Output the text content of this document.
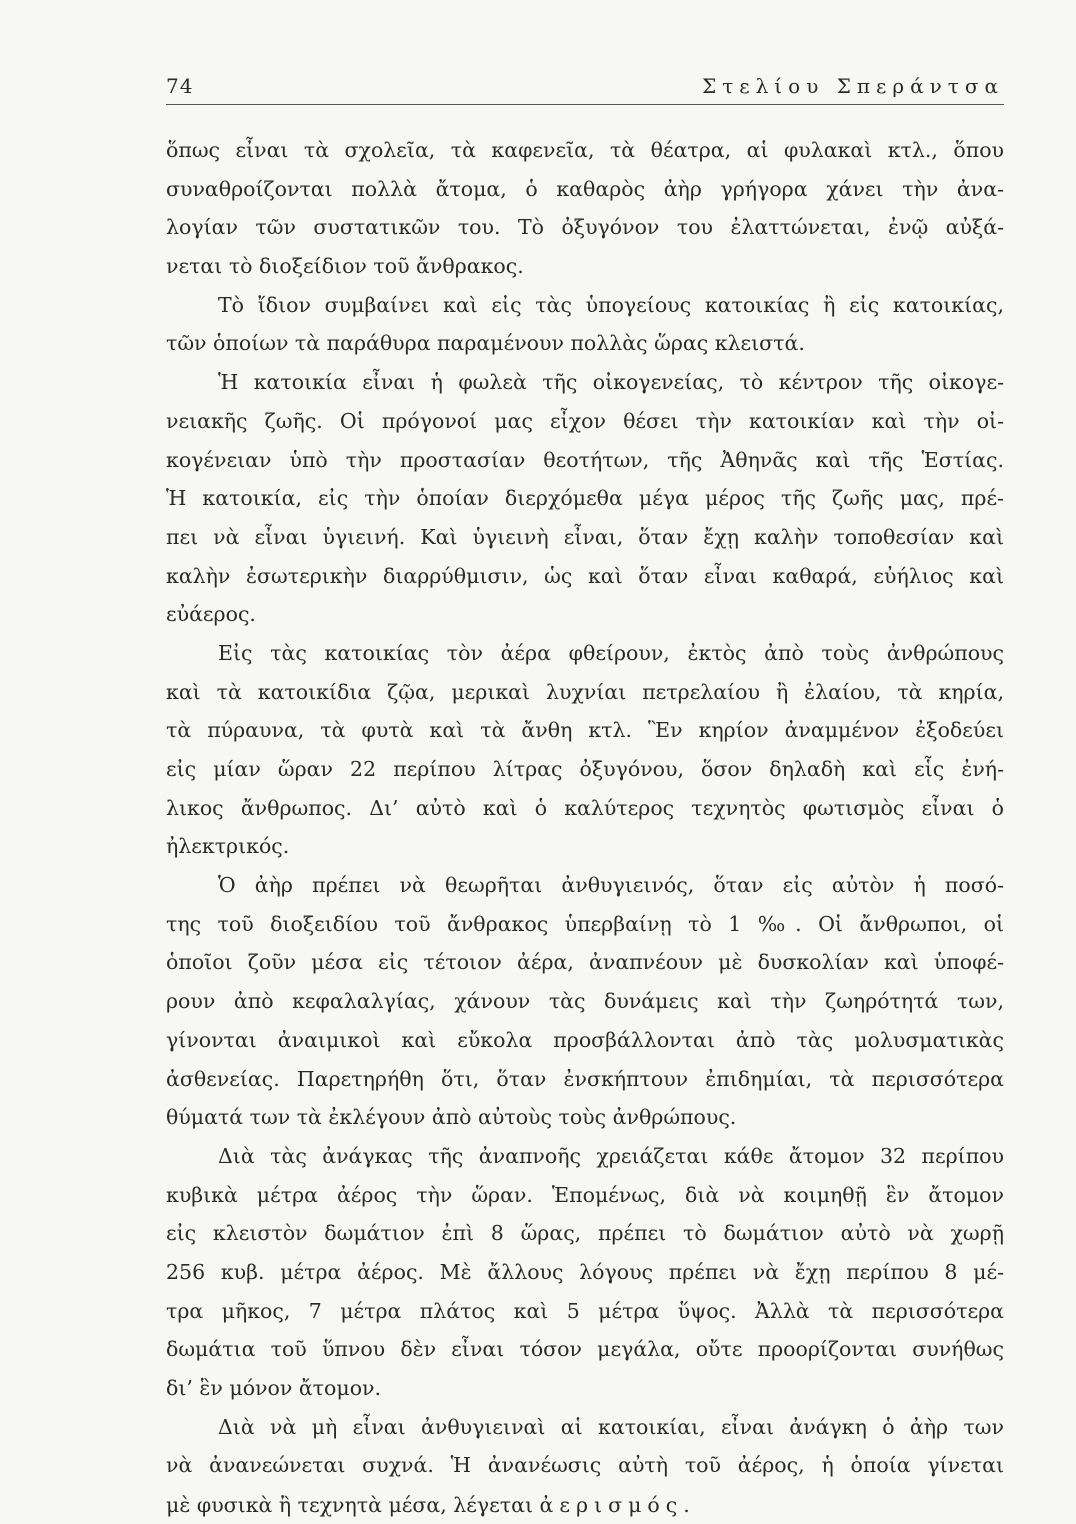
74	Στελίου Σπεράντσα
ὅπως εἶναι τὰ σχολεῖα, τὰ καφενεῖα, τὰ θέατρα, αἱ φυλακαὶ κτλ., ὅπου
συναθροίζονται πολλὰ ἄτομα, ὁ καθαρὸς ἀὴρ γρήγορα χάνει τὴν ἀνα-
λογίαν τῶν συστατικῶν του. Τὸ ὀξυγόνον του ἐλαττώνεται, ἐνῷ αὐξά-
νεται τὸ διοξείδιον τοῦ ἄνθρακος.
Τὸ ἴδιον συμβαίνει καὶ εἰς τὰς ὑπογείους κατοικίας ἢ εἰς κατοικίας,
τῶν ὁποίων τὰ παράθυρα παραμένουν πολλὰς ὥρας κλειστά.
Ἡ κατοικία εἶναι ἡ φωλεὰ τῆς οἰκογενείας, τὸ κέντρον τῆς οἰκογε-
νειακῆς ζωῆς. Οἱ πρόγονοί μας εἶχον θέσει τὴν κατοικίαν καὶ τὴν οἰ-
κογένειαν ὑπὸ τὴν προστασίαν θεοτήτων, τῆς Ἀθηνᾶς καὶ τῆς Ἑστίας.
Ἡ κατοικία, εἰς τὴν ὁποίαν διερχόμεθα μέγα μέρος τῆς ζωῆς μας, πρέ-
πει νὰ εἶναι ὑγιεινή. Καὶ ὑγιεινὴ εἶναι, ὅταν ἔχῃ καλὴν τοποθεσίαν καὶ
καλὴν ἐσωτερικὴν διαρρύθμισιν, ὡς καὶ ὅταν εἶναι καθαρά, εὐήλιος καὶ
εὐάερος.
Εἰς τὰς κατοικίας τὸν ἀέρα φθείρουν, ἐκτὸς ἀπὸ τοὺς ἀνθρώπους
καὶ τὰ κατοικίδια ζῷα, μερικαὶ λυχνίαι πετρελαίου ἢ ἐλαίου, τὰ κηρία,
τὰ πύραυνα, τὰ φυτὰ καὶ τὰ ἄνθη κτλ. Ἓν κηρίον ἀναμμένον ἐξοδεύει
εἰς μίαν ὥραν 22 περίπου λίτρας ὀξυγόνου, ὅσον δηλαδὴ καὶ εἷς ἐνή-
λικος ἄνθρωπος. Δι’ αὐτὸ καὶ ὁ καλύτερος τεχνητὸς φωτισμὸς εἶναι ὁ
ἠλεκτρικός.
Ὁ ἀὴρ πρέπει νὰ θεωρῆται ἀνθυγιεινός, ὅταν εἰς αὐτὸν ἡ ποσό-
της τοῦ διοξειδίου τοῦ ἄνθρακος ὑπερβαίνῃ τὸ 1 ‰. Οἱ ἄνθρωποι, οἱ
ὁποῖοι ζοῦν μέσα εἰς τέτοιον ἀέρα, ἀναπνέουν μὲ δυσκολίαν καὶ ὑποφέ-
ρουν ἀπὸ κεφαλαλγίας, χάνουν τὰς δυνάμεις καὶ τὴν ζωηρότητά των,
γίνονται ἀναιμικοὶ καὶ εὔκολα προσβάλλονται ἀπὸ τὰς μολυσματικὰς
ἀσθενείας. Παρετηρήθη ὅτι, ὅταν ἐνσκήπτουν ἐπιδημίαι, τὰ περισσότερα
θύματά των τὰ ἐκλέγουν ἀπὸ αὐτοὺς τοὺς ἀνθρώπους.
Διὰ τὰς ἀνάγκας τῆς ἀναπνοῆς χρειάζεται κάθε ἄτομον 32 περίπου
κυβικὰ μέτρα ἀέρος τὴν ὥραν. Ἑπομένως, διὰ νὰ κοιμηθῇ ἓν ἄτομον
εἰς κλειστὸν δωμάτιον ἐπὶ 8 ὥρας, πρέπει τὸ δωμάτιον αὐτὸ νὰ χωρῇ
256 κυβ. μέτρα ἀέρος. Μὲ ἄλλους λόγους πρέπει νὰ ἔχῃ περίπου 8 μέ-
τρα μῆκος, 7 μέτρα πλάτος καὶ 5 μέτρα ὕψος. Ἀλλὰ τὰ περισσότερα
δωμάτια τοῦ ὕπνου δὲν εἶναι τόσον μεγάλα, οὔτε προορίζονται συνήθως
δι’ ἓν μόνον ἄτομον.
Διὰ νὰ μὴ εἶναι ἀνθυγιειναὶ αἱ κατοικίαι, εἶναι ἀνάγκη ὁ ἀὴρ των
νὰ ἀνανεώνεται συχνά. Ἡ ἀνανέωσις αὐτὴ τοῦ ἀέρος, ἡ ὁποία γίνεται
μὲ φυσικὰ ἢ τεχνητὰ μέσα, λέγεται ἀερισμός.
